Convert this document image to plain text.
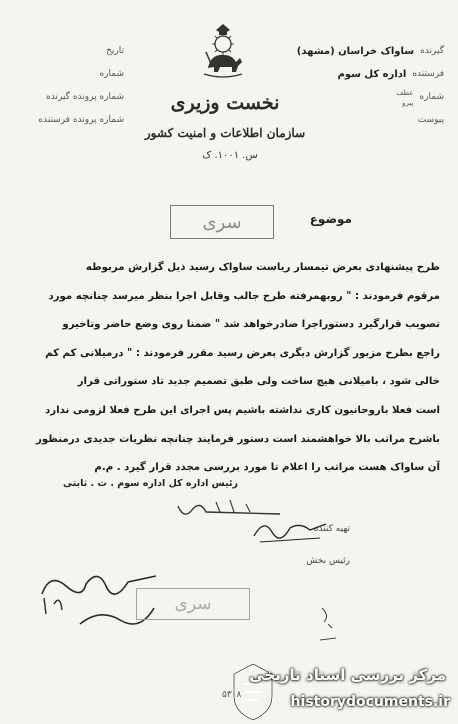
گیرنده
ساواک خراسان (مشهد)
فرستنده
اداره کل سوم
شماره
عطف
پیرو
پیوست
تاریخ
شماره
شماره پرونده گیرنده
شماره پرونده فرستنده
نخست وزیری
سازمان اطلاعات و امنیت کشور
س. ۱۰۰۱. ک
سری	موضوع

طرح پیشنهادی بعرض تیمسار ریاست ساواک رسید ذیل گزارش مربوطه

مرقوم فرمودند : " روبهمرفته طرح جالب وقابل اجرا بنظر میرسد چنانچه مورد

تصویب قرارگیرد دستوراجرا صادرخواهد شد " ضمنا روی وضع حاضر وتاخیرو

راجع بطرح مزبور گزارش دیگری بعرض رسید مقرر فرمودند : " درمیلانی کم کم

خالی شود ، بامیلانی هیچ ساخت ولی طبق تصمیم جدید تاد ستوراتی قرار

است فعلا باروحانیون کاری نداشته باشیم پس اجرای این طرح فعلا لزومی ندارد

باشرح مراتب بالا خواهشمند است دستور فرمایند چنانچه نظریات جدیدی درمنظور

آن ساواک هست مراتب را اعلام تا مورد بررسی مجدد قرار گیرد . م.م

رئیس اداره کل اداره سوم . ث . ثابتی
تهیه کننده
رئیس بخش
سری
مرکز بررسی اسناد تاریخی
historydocuments.ir
۵۳۰۸
